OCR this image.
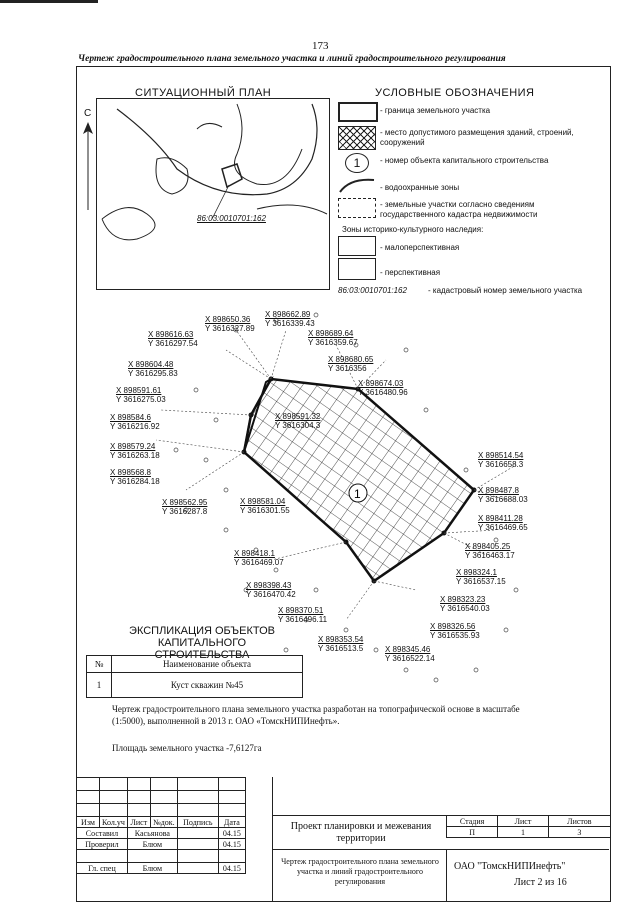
173
Чертеж градостроительного плана земельного участка и линий градостроительного регулирования
СИТУАЦИОННЫЙ ПЛАН
86:03:0010701:162
С
УСЛОВНЫЕ ОБОЗНАЧЕНИЯ
- граница земельного участка
- место допустимого размещения зданий, строений, сооружений
1	- номер объекта капитального строительства
- водоохранные зоны
- земельные участки согласно сведениям государственного кадастра недвижимости
Зоны историко-культурного наследия:
- малоперспективная
- перспективная
86:03:0010701:162	- кадастровый номер земельного участка
1
X 898650.36
Y 3616327.89
X 898662.89
Y 3616339.43
X 898689.64
Y 3616359.67
X 898616.63
Y 3616297.54
X 898680.65
Y 3616356
X 898604.48
Y 3616295.83
X 898674.03
Y 3616480.96
X 898591.61
Y 3616275.03
X 898584.6
Y 3616216.92
X 898591.32
Y 3616304.3
X 898579.24
Y 3616263.18
X 898568.8
Y 3616284.18
X 898514.54
Y 3616658.3
X 898562.95
Y 3616287.8
X 898581.04
Y 3616301.55
X 898487.8
Y 3616688.03
X 898411.28
Y 3616469.65
X 898405.25
Y 3616463.17
X 898418.1
Y 3616469.07
X 898324.1
Y 3616537.15
X 898398.43
Y 3616470.42
X 898323.23
Y 3616540.03
X 898370.51
Y 3616496.11
X 898326.56
Y 3616535.93
X 898353.54
Y 3616513.5	X 898345.46
Y 3616522.14
ЭКСПЛИКАЦИЯ ОБЪЕКТОВ КАПИТАЛЬНОГО СТРОИТЕЛЬСТВА
№	Наименование объекта
1	Куст скважин №45
Чертеж градостроительного плана земельного участка разработан на топографической основе в масштабе (1:5000), выполненной в 2013 г. ОАО «ТомскНИПИнефть».
Площадь земельного участка -7,6127га

Изм	Кол.уч	Лист	№док.	Подпись	Дата
Составил		Касьянова			04.15
Проверил		Блюм			04.15

Гл. спец		Блюм			04.15
Проект планировки и межевания территории
Стадия	Лист	Листов
П	1	3
Чертеж градостроительного плана земельного участка и линий градостроительного регулирования
ОАО "ТомскНИПИнефть"
Лист 2 из 16
